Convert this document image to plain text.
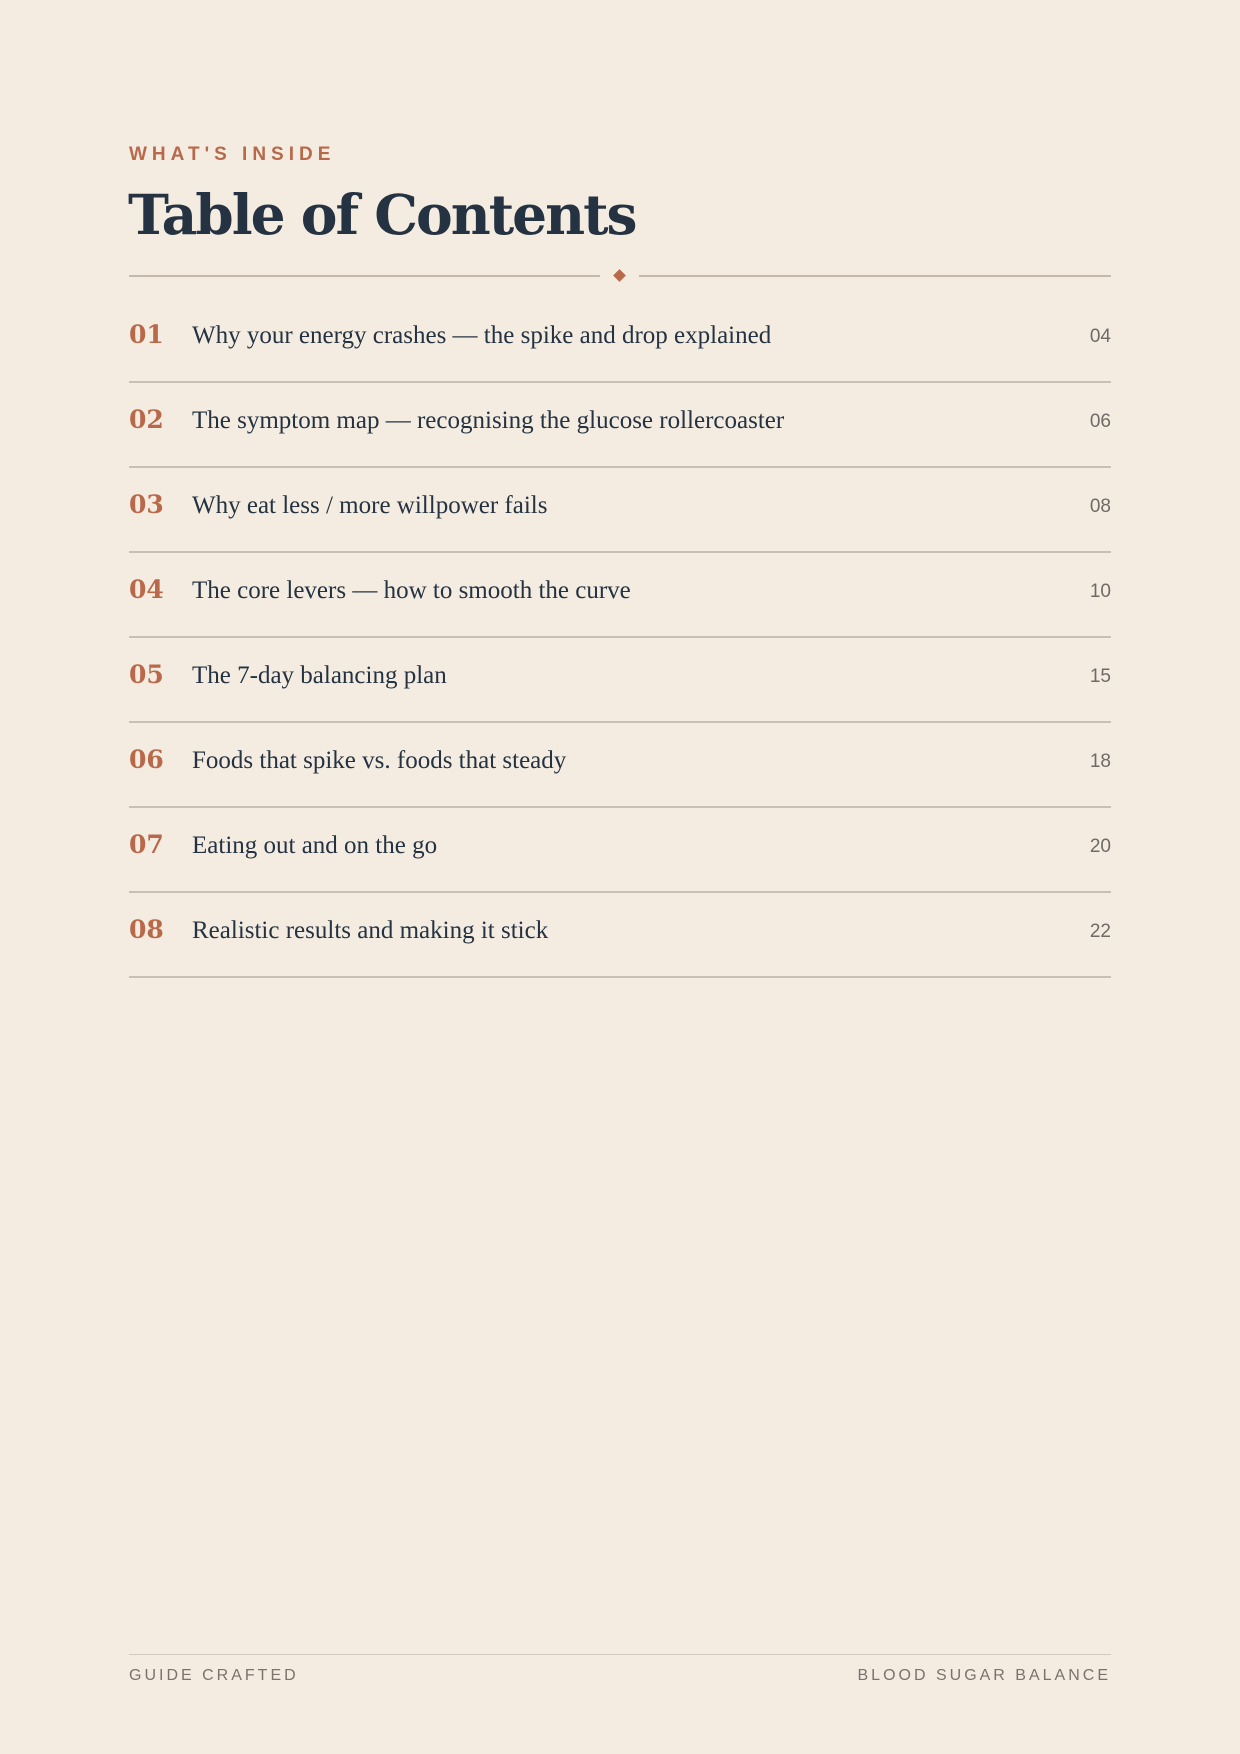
WHAT'S INSIDE
Table of Contents
01 Why your energy crashes — the spike and drop explained	04
02 The symptom map — recognising the glucose rollercoaster	06
03 Why eat less / more willpower fails	08
04 The core levers — how to smooth the curve	10
05 The 7-day balancing plan	15
06 Foods that spike vs. foods that steady	18
07 Eating out and on the go	20
08 Realistic results and making it stick	22
GUIDE CRAFTED	BLOOD SUGAR BALANCE
